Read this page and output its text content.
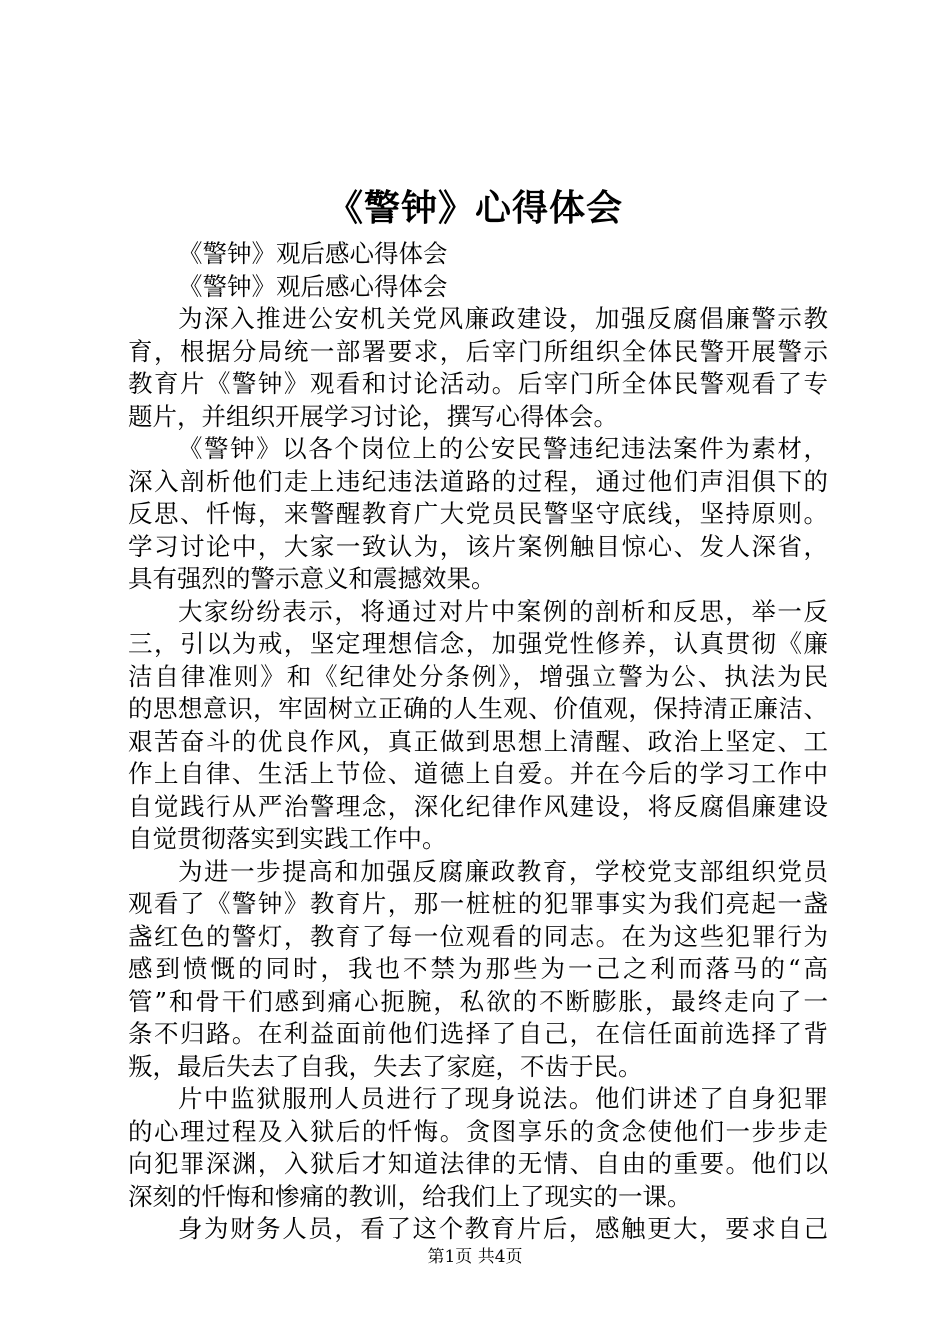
《警钟》心得体会
《警钟》观后感心得体会
《警钟》观后感心得体会
为深入推进公安机关党风廉政建设，加强反腐倡廉警示教
育，根据分局统一部署要求，后宰门所组织全体民警开展警示
教育片《警钟》观看和讨论活动。后宰门所全体民警观看了专
题片，并组织开展学习讨论，撰写心得体会。
《警钟》以各个岗位上的公安民警违纪违法案件为素材，
深入剖析他们走上违纪违法道路的过程，通过他们声泪俱下的
反思、忏悔，来警醒教育广大党员民警坚守底线，坚持原则。
学习讨论中，大家一致认为，该片案例触目惊心、发人深省，
具有强烈的警示意义和震撼效果。
大家纷纷表示，将通过对片中案例的剖析和反思，举一反
三，引以为戒，坚定理想信念，加强党性修养，认真贯彻《廉
洁自律准则》和《纪律处分条例》，增强立警为公、执法为民
的思想意识，牢固树立正确的人生观、价值观，保持清正廉洁、
艰苦奋斗的优良作风，真正做到思想上清醒、政治上坚定、工
作上自律、生活上节俭、道德上自爱。并在今后的学习工作中
自觉践行从严治警理念，深化纪律作风建设，将反腐倡廉建设
自觉贯彻落实到实践工作中。
为进一步提高和加强反腐廉政教育，学校党支部组织党员
观看了《警钟》教育片，那一桩桩的犯罪事实为我们亮起一盏
盏红色的警灯，教育了每一位观看的同志。在为这些犯罪行为
感到愤慨的同时，我也不禁为那些为一己之利而落马的“高
管”和骨干们感到痛心扼腕，私欲的不断膨胀，最终走向了一
条不归路。在利益面前他们选择了自己，在信任面前选择了背
叛，最后失去了自我，失去了家庭，不齿于民。
片中监狱服刑人员进行了现身说法。他们讲述了自身犯罪
的心理过程及入狱后的忏悔。贪图享乐的贪念使他们一步步走
向犯罪深渊，入狱后才知道法律的无情、自由的重要。他们以
深刻的忏悔和惨痛的教训，给我们上了现实的一课。
身为财务人员，看了这个教育片后，感触更大，要求自己
第1页 共4页
